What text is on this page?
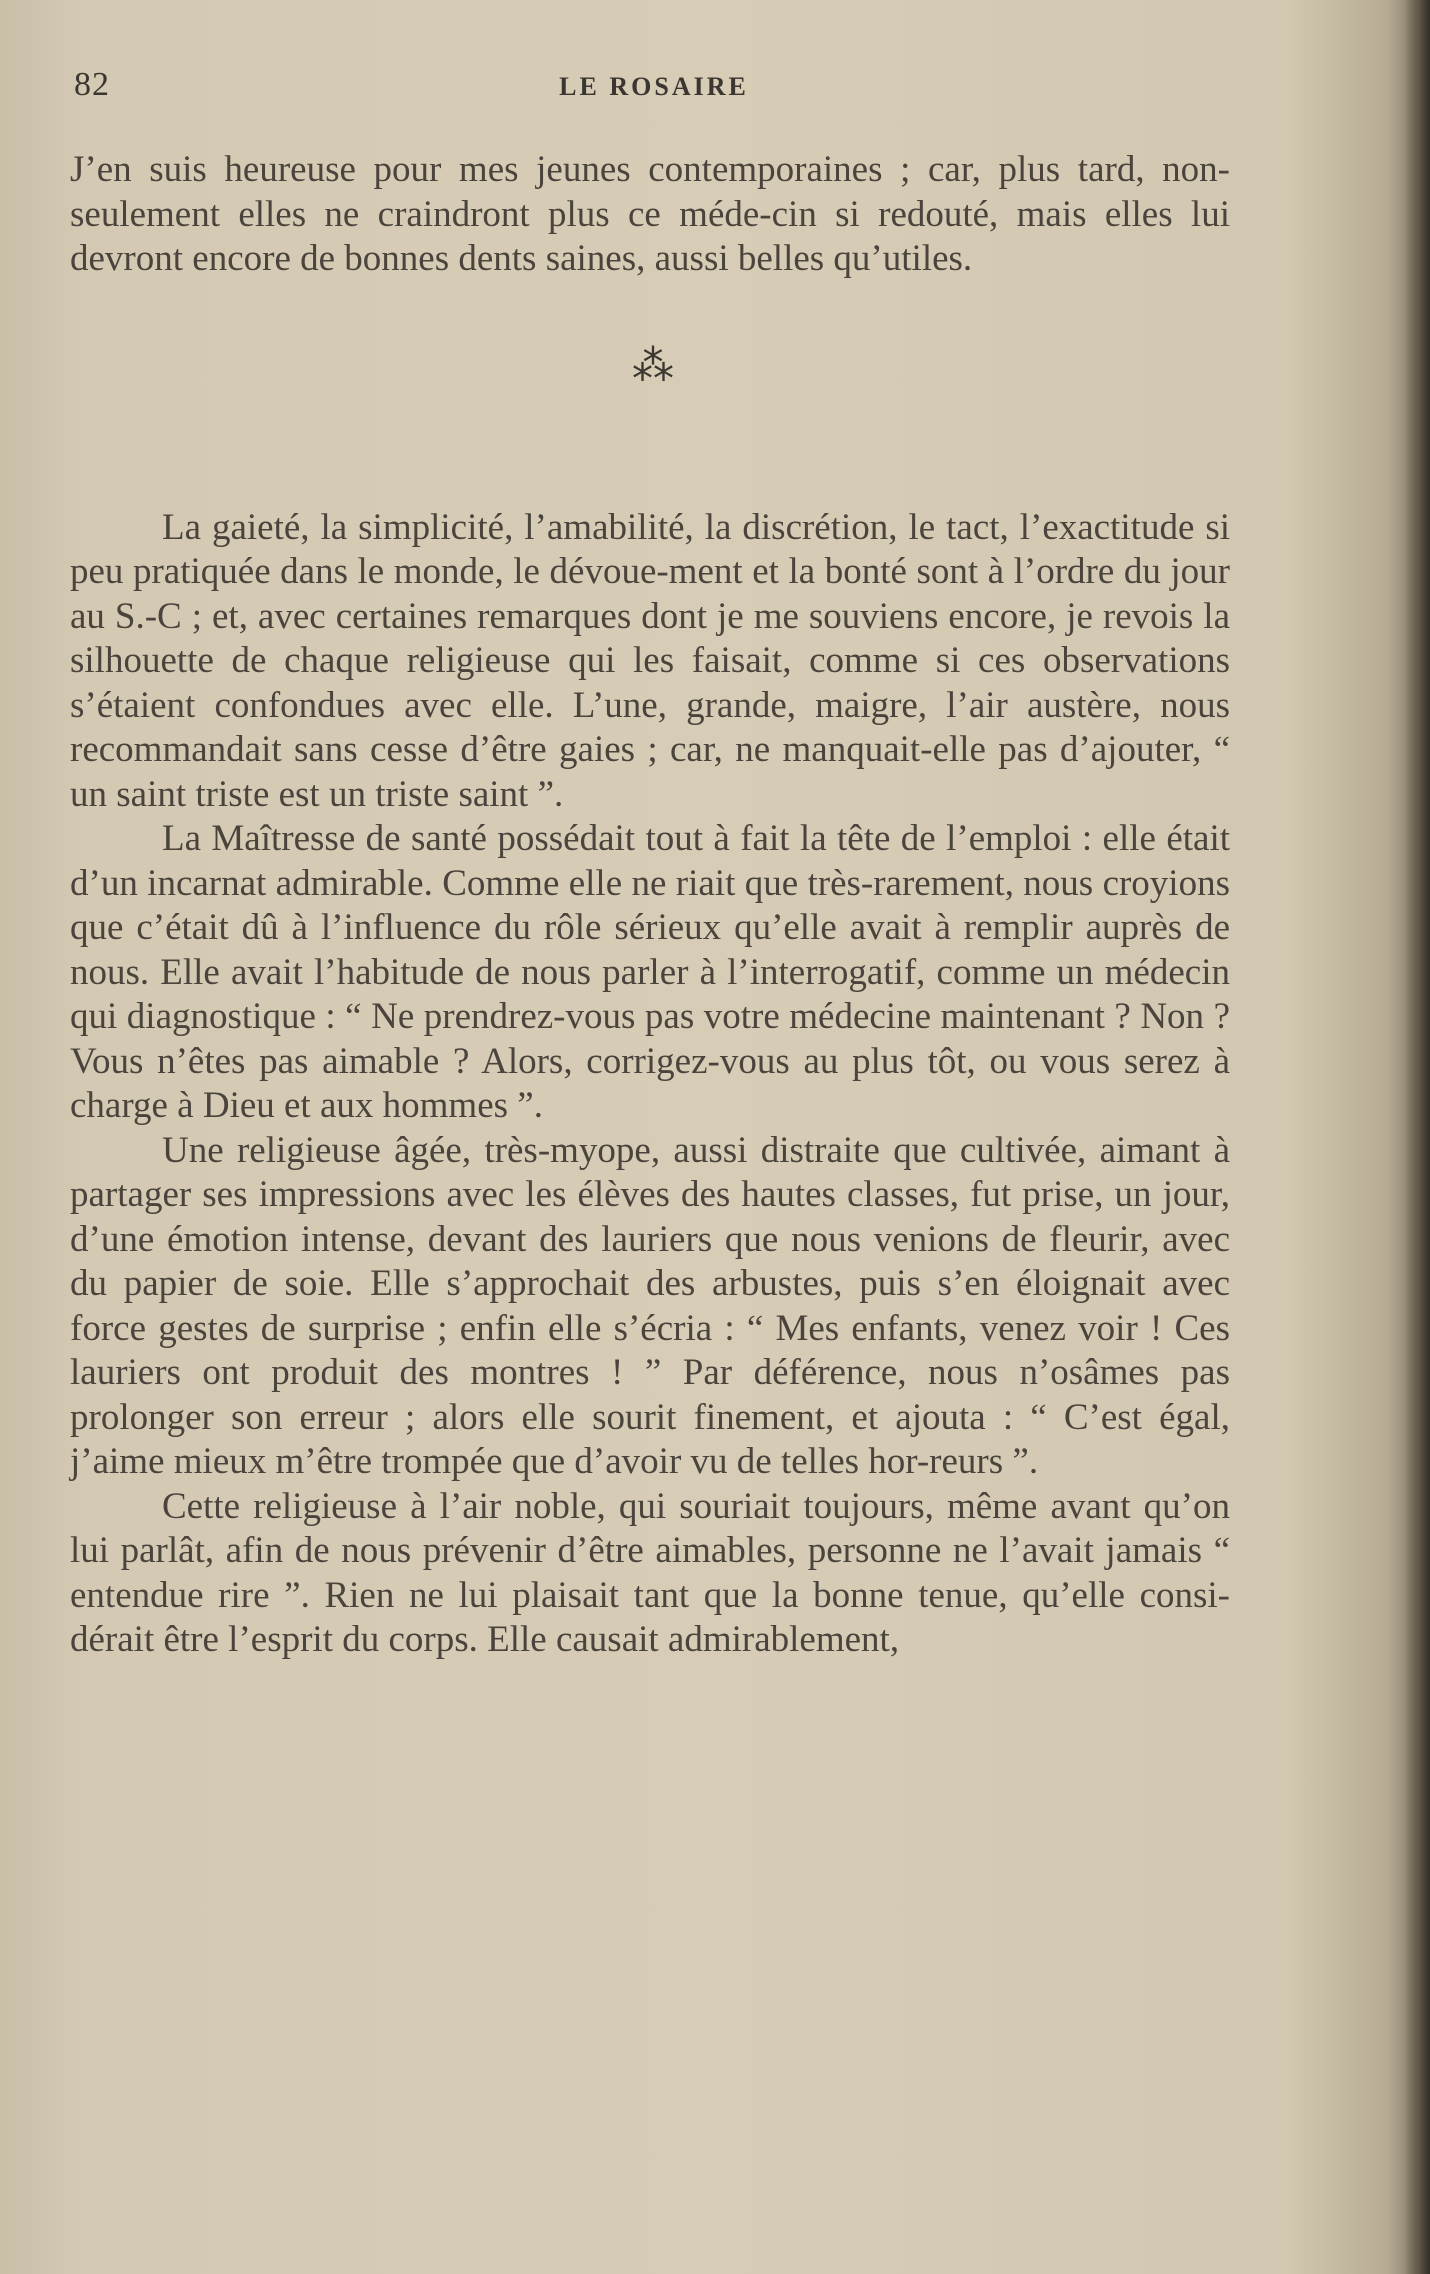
82	LE ROSAIRE

J’en suis heureuse pour mes jeunes contemporaines ; car, plus tard, non-seulement elles ne craindront plus ce méde-cin si redouté, mais elles lui devront encore de bonnes dents saines, aussi belles qu’utiles.

⁂

La gaieté, la simplicité, l’amabilité, la discrétion, le tact, l’exactitude si peu pratiquée dans le monde, le dévoue-ment et la bonté sont à l’ordre du jour au S.-C ; et, avec certaines remarques dont je me souviens encore, je revois la silhouette de chaque religieuse qui les faisait, comme si ces observations s’étaient confondues avec elle. L’une, grande, maigre, l’air austère, nous recommandait sans cesse d’être gaies ; car, ne manquait-elle pas d’ajouter, “ un saint triste est un triste saint ”.

La Maîtresse de santé possédait tout à fait la tête de l’emploi : elle était d’un incarnat admirable. Comme elle ne riait que très-rarement, nous croyions que c’était dû à l’influence du rôle sérieux qu’elle avait à remplir auprès de nous. Elle avait l’habitude de nous parler à l’interrogatif, comme un médecin qui diagnostique : “ Ne prendrez-vous pas votre médecine maintenant ? Non ? Vous n’êtes pas aimable ? Alors, corrigez-vous au plus tôt, ou vous serez à charge à Dieu et aux hommes ”.

Une religieuse âgée, très-myope, aussi distraite que cultivée, aimant à partager ses impressions avec les élèves des hautes classes, fut prise, un jour, d’une émotion intense, devant des lauriers que nous venions de fleurir, avec du papier de soie. Elle s’approchait des arbustes, puis s’en éloignait avec force gestes de surprise ; enfin elle s’écria : “ Mes enfants, venez voir ! Ces lauriers ont produit des montres ! ” Par déférence, nous n’osâmes pas prolonger son erreur ; alors elle sourit finement, et ajouta : “ C’est égal, j’aime mieux m’être trompée que d’avoir vu de telles hor-reurs ”.

Cette religieuse à l’air noble, qui souriait toujours, même avant qu’on lui parlât, afin de nous prévenir d’être aimables, personne ne l’avait jamais “ entendue rire ”. Rien ne lui plaisait tant que la bonne tenue, qu’elle consi-dérait être l’esprit du corps. Elle causait admirablement,
